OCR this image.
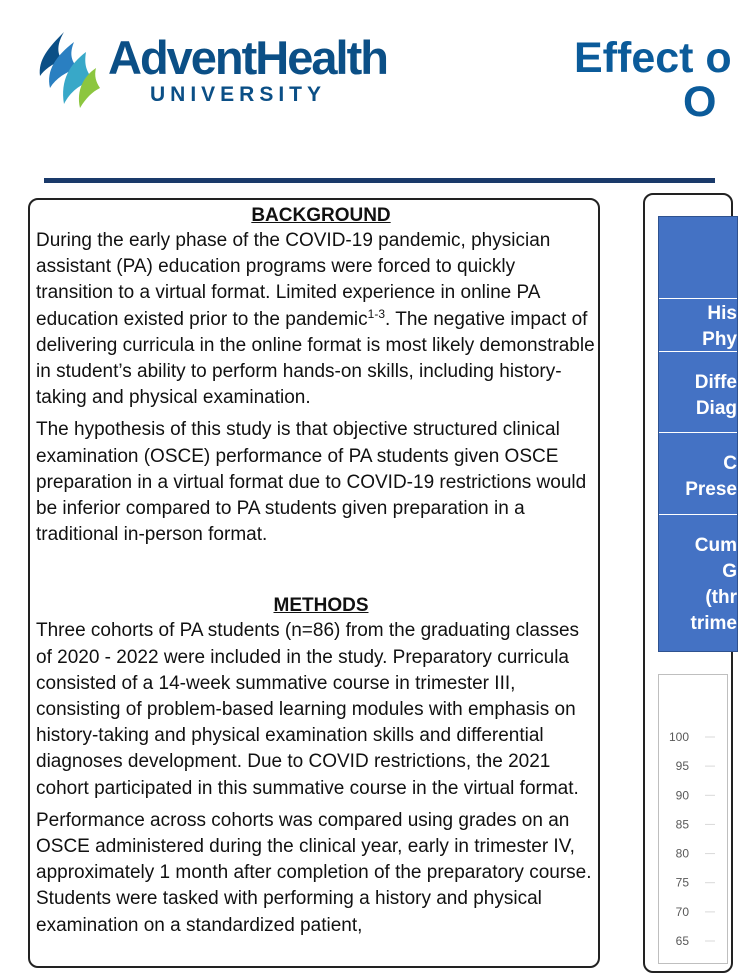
AdventHealth
UNIVERSITY
Effect o
O
BACKGROUND

During the early phase of the COVID-19 pandemic, physician assistant (PA) education programs were forced to quickly transition to a virtual format. Limited experience in online PA education existed prior to the pandemic$^{1-3}$. The negative impact of delivering curricula in the online format is most likely demonstrable in student’s ability to perform hands-on skills, including history-taking and physical examination.

The hypothesis of this study is that objective structured clinical examination (OSCE) performance of PA students given OSCE preparation in a virtual format due to COVID-19 restrictions would be inferior compared to PA students given preparation in a traditional in-person format.

METHODS

Three cohorts of PA students (n=86) from the graduating classes of 2020 - 2022 were included in the study. Preparatory curricula consisted of a 14-week summative course in trimester III, consisting of problem-based learning modules with emphasis on history-taking and physical examination skills and differential diagnoses development. Due to COVID restrictions, the 2021 cohort participated in this summative course in the virtual format.

Performance across cohorts was compared using grades on an OSCE administered during the clinical year, early in trimester IV, approximately 1 month after completion of the preparatory course. Students were tasked with performing a history and physical examination on a standardized patient,

His
Phy
Diffe
Diag
C
Prese
Cum
G
(thr
trime
100
95
90
85
80
75
70
65
